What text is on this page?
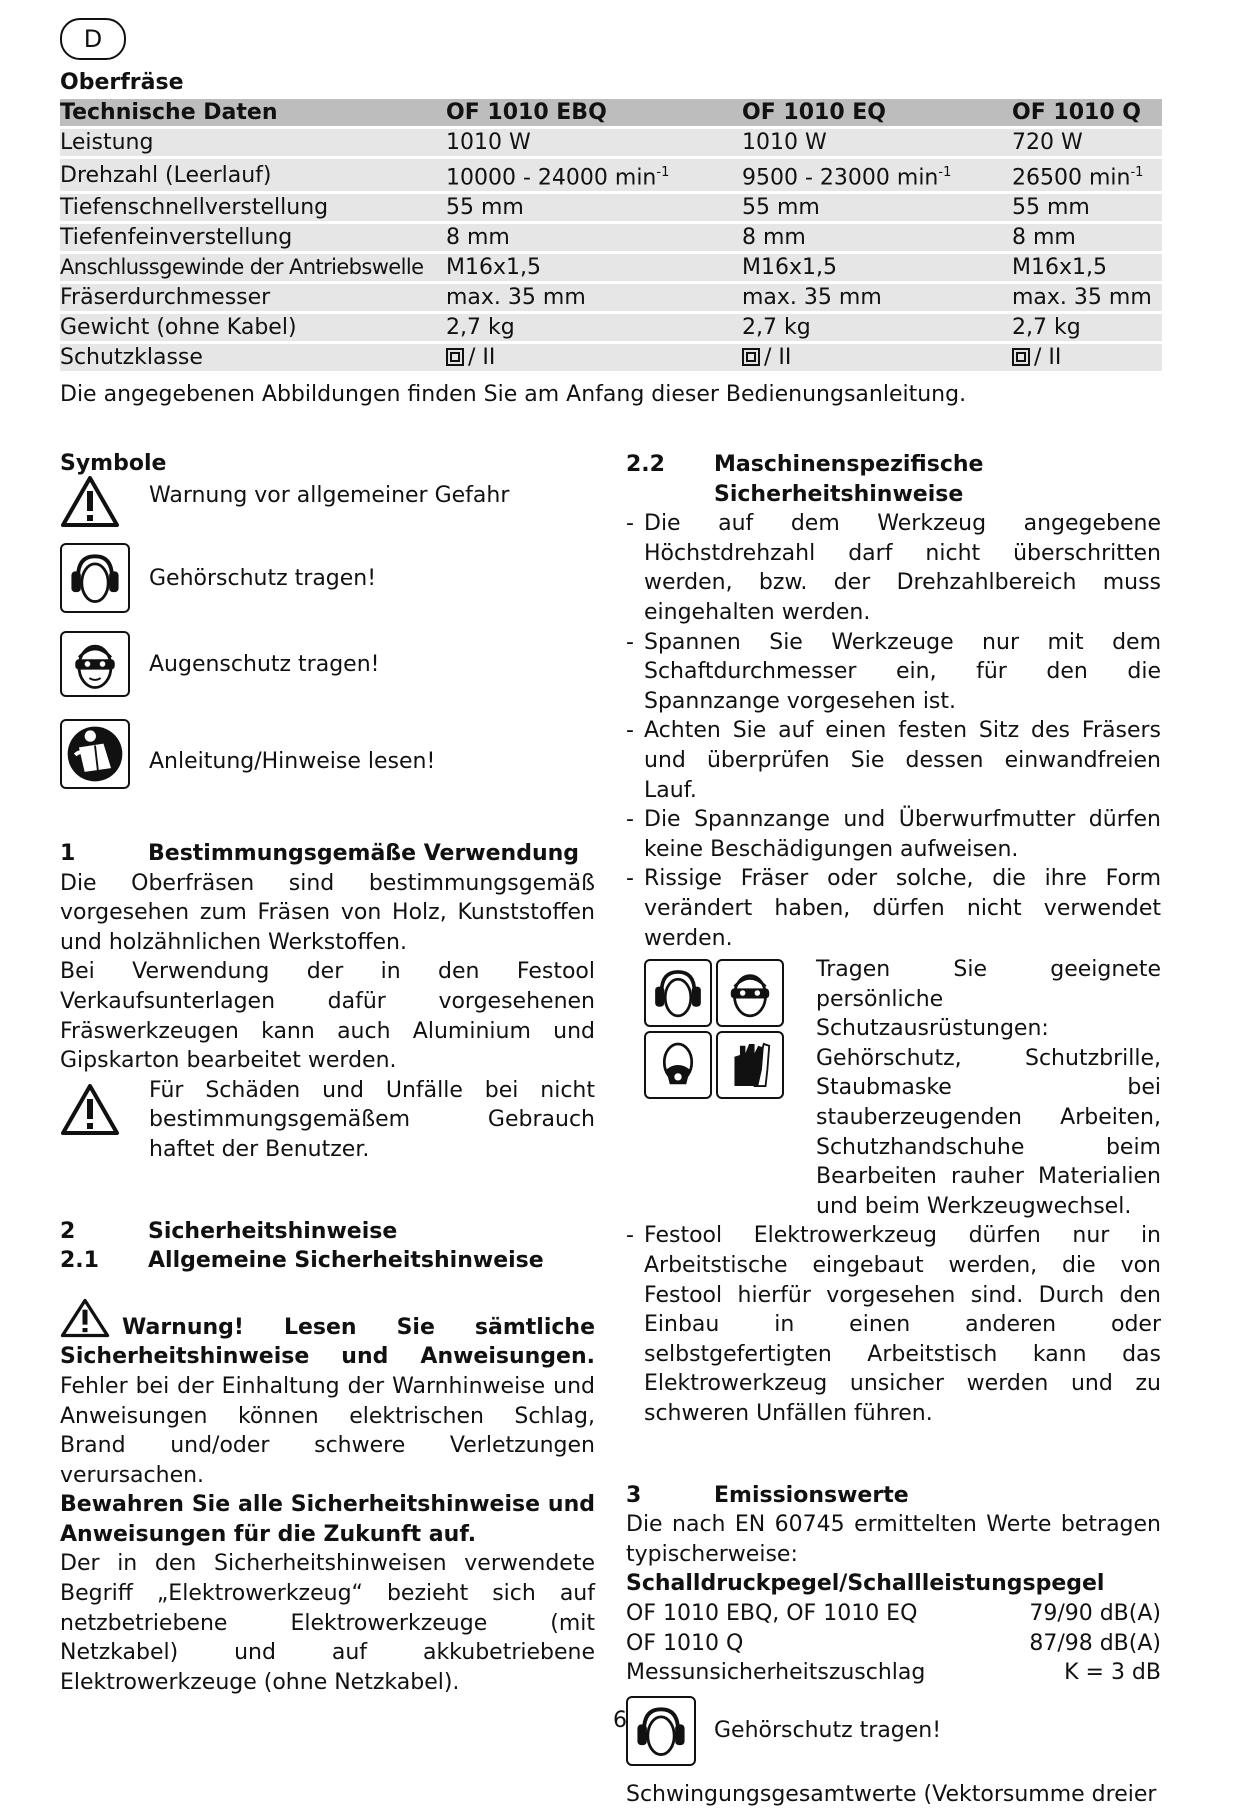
D
Oberfräse
Technische Daten	OF 1010 EBQ	OF 1010 EQ	OF 1010 Q
Leistung	1010 W	1010 W	720 W
Drehzahl (Leerlauf)	10000 - 24000 $\min^{-1}$	9500 - 23000 $\min^{-1}$	26500 $\min^{-1}$
Tiefenschnellverstellung	55 mm	55 mm	55 mm
Tiefenfeinverstellung	8 mm	8 mm	8 mm
Anschlussgewinde der Antriebswelle	M16x1,5	M16x1,5	M16x1,5
Fräserdurchmesser	max. 35 mm	max. 35 mm	max. 35 mm
Gewicht (ohne Kabel)	2,7 kg	2,7 kg	2,7 kg
Schutzklasse	/ II	/ II	/ II
Die angegebenen Abbildungen finden Sie am Anfang dieser Bedienungsanleitung.
Symbole
Warnung vor allgemeiner Gefahr
Gehörschutz tragen!
Augenschutz tragen!
Anleitung/Hinweise lesen!
1	Bestimmungsgemäße Verwendung

Die Oberfräsen sind bestimmungsgemäß vorgesehen zum Fräsen von Holz, Kunststoffen und holzähnlichen Werkstoffen.

Bei Verwendung der in den Festool Verkaufsunterlagen dafür vorgesehenen Fräswerkzeugen kann auch Aluminium und Gipskarton bearbeitet werden.

Für Schäden und Unfälle bei nicht bestimmungsgemäßem Gebrauch haftet der Benutzer.

2	Sicherheitshinweise
2.1	Allgemeine Sicherheitshinweise

Warnung! Lesen Sie sämtliche Sicherheitshinweise und Anweisungen. Fehler bei der Einhaltung der Warnhinweise und Anweisungen können elektrischen Schlag, Brand und/oder schwere Verletzungen verursachen.

Bewahren Sie alle Sicherheitshinweise und Anweisungen für die Zukunft auf.

Der in den Sicherheitshinweisen verwendete Begriff „Elektrowerkzeug“ bezieht sich auf netzbetriebene Elektrowerkzeuge (mit Netzkabel) und auf akkubetriebene Elektrowerkzeuge (ohne Netzkabel).

2.2	Maschinenspezifische Sicherheitshinweise
- Die auf dem Werkzeug angegebene Höchstdrehzahl darf nicht überschritten werden, bzw. der Drehzahlbereich muss eingehalten werden.
- Spannen Sie Werkzeuge nur mit dem Schaftdurchmesser ein, für den die Spannzange vorgesehen ist.
- Achten Sie auf einen festen Sitz des Fräsers und überprüfen Sie dessen einwandfreien Lauf.
- Die Spannzange und Überwurfmutter dürfen keine Beschädigungen aufweisen.
- Rissige Fräser oder solche, die ihre Form verändert haben, dürfen nicht verwendet werden.

Tragen Sie geeignete persönliche Schutzausrüstungen: Gehörschutz, Schutzbrille, Staubmaske bei stauberzeugenden Arbeiten, Schutzhandschuhe beim Bearbeiten rauher Materialien und beim Werkzeugwechsel.

- Festool Elektrowerkzeug dürfen nur in Arbeitstische eingebaut werden, die von Festool hierfür vorgesehen sind. Durch den Einbau in einen anderen oder selbstgefertigten Arbeitstisch kann das Elektrowerkzeug unsicher werden und zu schweren Unfällen führen.
3	Emissionswerte

Die nach EN 60745 ermittelten Werte betragen typischerweise:

Schalldruckpegel/Schallleistungspegel
OF 1010 EBQ, OF 1010 EQ	79/90 dB(A)
OF 1010 Q	87/98 dB(A)
Messunsicherheitszuschlag	K = 3 dB
Gehörschutz tragen!
Schwingungsgesamtwerte (Vektorsumme dreier
6
